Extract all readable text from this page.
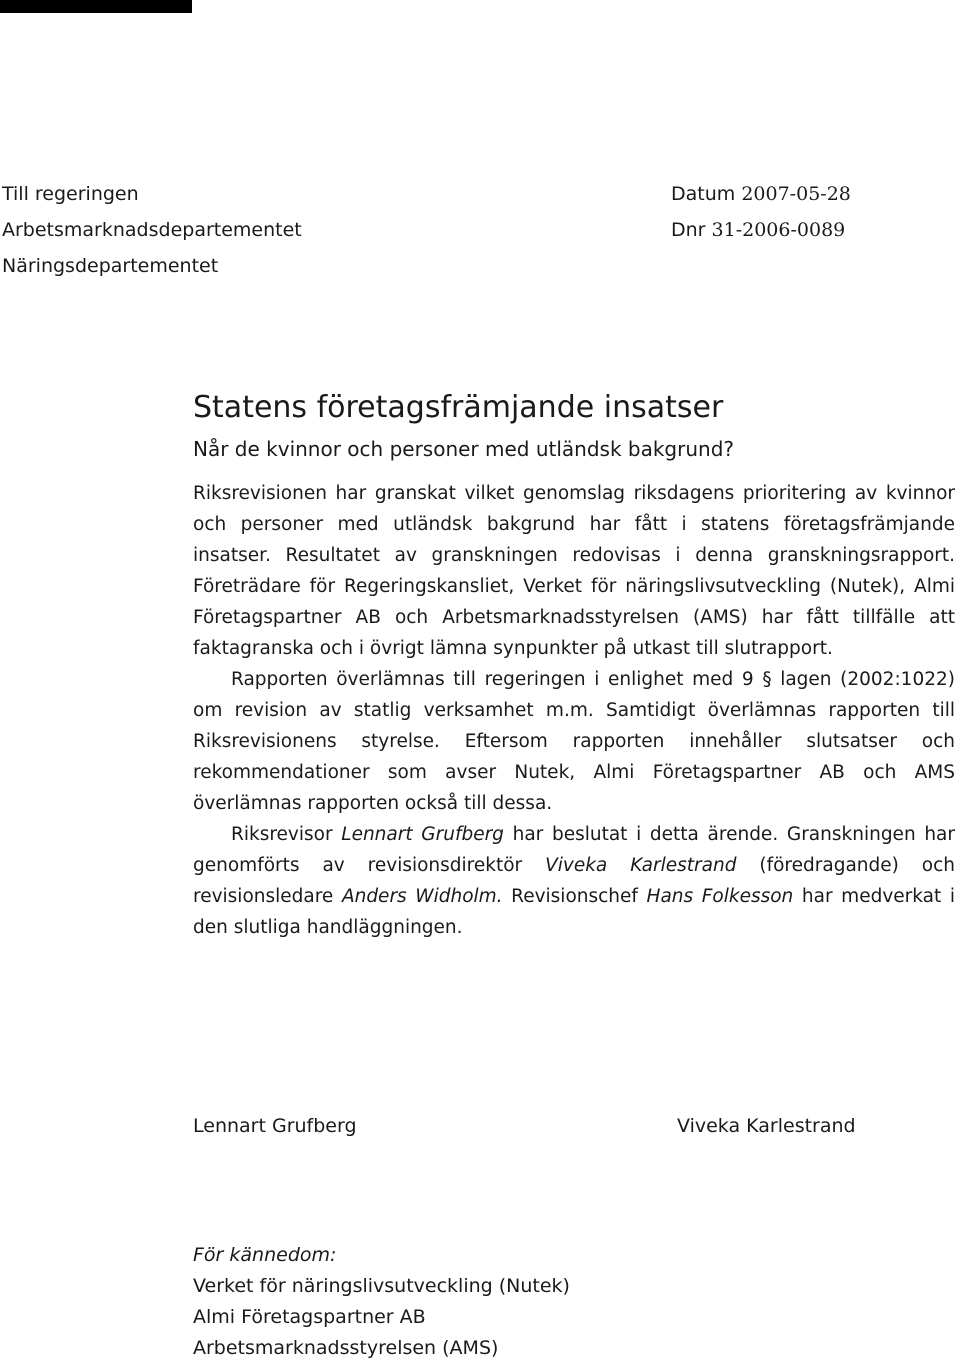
Till regeringen
Arbetsmarknadsdepartementet
Näringsdepartementet
Datum 2007-05-28
Dnr 31-2006-0089
Statens företagsfrämjande insatser
Når de kvinnor och personer med utländsk bakgrund?

Riksrevisionen har granskat vilket genomslag riksdagens prioritering av kvinnor och personer med utländsk bakgrund har fått i statens företagsfrämjande insatser. Resultatet av granskningen redovisas i denna granskningsrapport. Företrädare för Regeringskansliet, Verket för näringslivsutveckling (Nutek), Almi Företagspartner AB och Arbetsmarknadsstyrelsen (AMS) har fått tillfälle att faktagranska och i övrigt lämna synpunkter på utkast till slutrapport.

Rapporten överlämnas till regeringen i enlighet med 9 § lagen (2002:1022) om revision av statlig verksamhet m.m. Samtidigt överlämnas rapporten till Riksrevisionens styrelse. Eftersom rapporten innehåller slutsatser och rekommendationer som avser Nutek, Almi Företagspartner AB och AMS överlämnas rapporten också till dessa.

Riksrevisor Lennart Grufberg har beslutat i detta ärende. Granskningen har genomförts av revisionsdirektör Viveka Karlestrand (föredragande) och revisionsledare Anders Widholm. Revisionschef Hans Folkesson har medverkat i den slutliga handläggningen.

Lennart Grufberg	Viveka Karlestrand
För kännedom:
Verket för näringslivsutveckling (Nutek)
Almi Företagspartner AB
Arbetsmarknadsstyrelsen (AMS)
